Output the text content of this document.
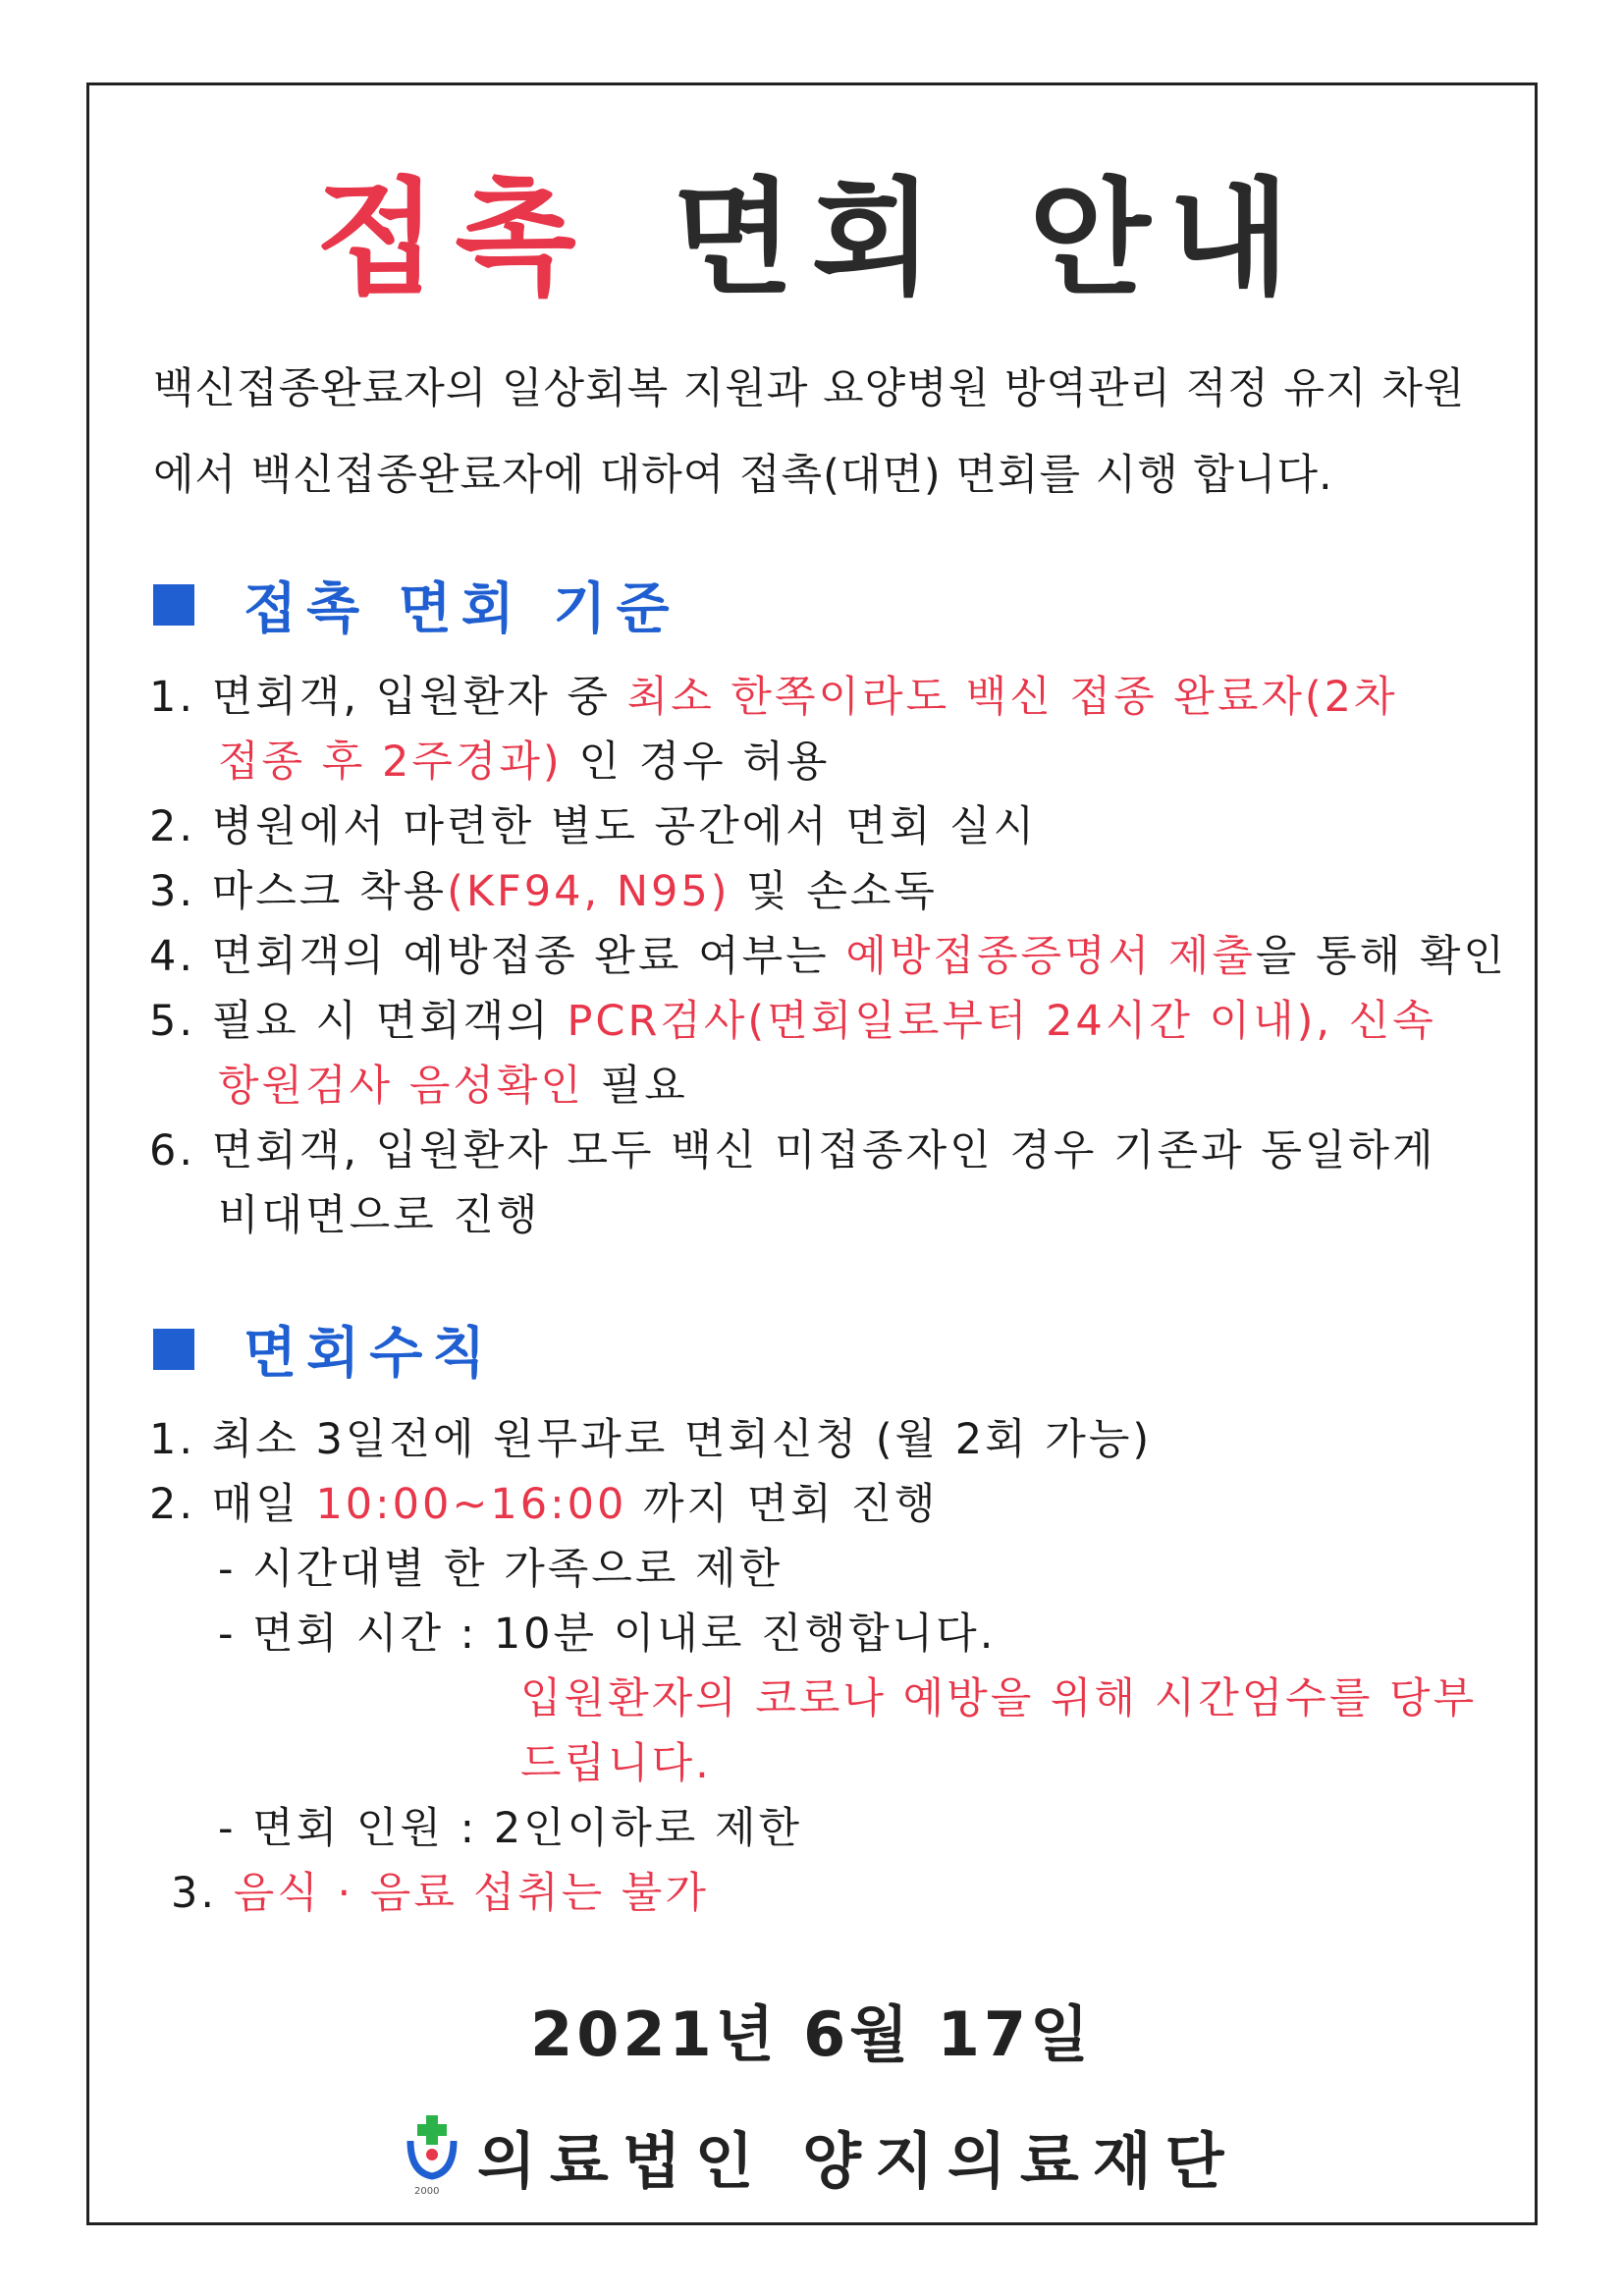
접촉 면회 안내
백신접종완료자의 일상회복 지원과 요양병원 방역관리 적정 유지 차원
에서 백신접종완료자에 대하여 접촉(대면) 면회를 시행 합니다.
접촉 면회 기준
1. 면회객, 입원환자 중 최소 한쪽이라도 백신 접종 완료자(2차
접종 후 2주경과) 인 경우 허용
2. 병원에서 마련한 별도 공간에서 면회 실시
3. 마스크 착용(KF94, N95) 및 손소독
4. 면회객의 예방접종 완료 여부는 예방접종증명서 제출을 통해 확인
5. 필요 시 면회객의 PCR검사(면회일로부터 24시간 이내), 신속
항원검사 음성확인 필요
6. 면회객, 입원환자 모두 백신 미접종자인 경우 기존과 동일하게
비대면으로 진행
면회수칙
1. 최소 3일전에 원무과로 면회신청 (월 2회 가능)
2. 매일 10:00~16:00 까지 면회 진행
- 시간대별 한 가족으로 제한
- 면회 시간 : 10분 이내로 진행합니다.
입원환자의 코로나 예방을 위해 시간엄수를 당부
드립니다.
- 면회 인원 : 2인이하로 제한
3. 음식 · 음료 섭취는 불가
2021년 6월 17일
2000 의료법인 양지의료재단
